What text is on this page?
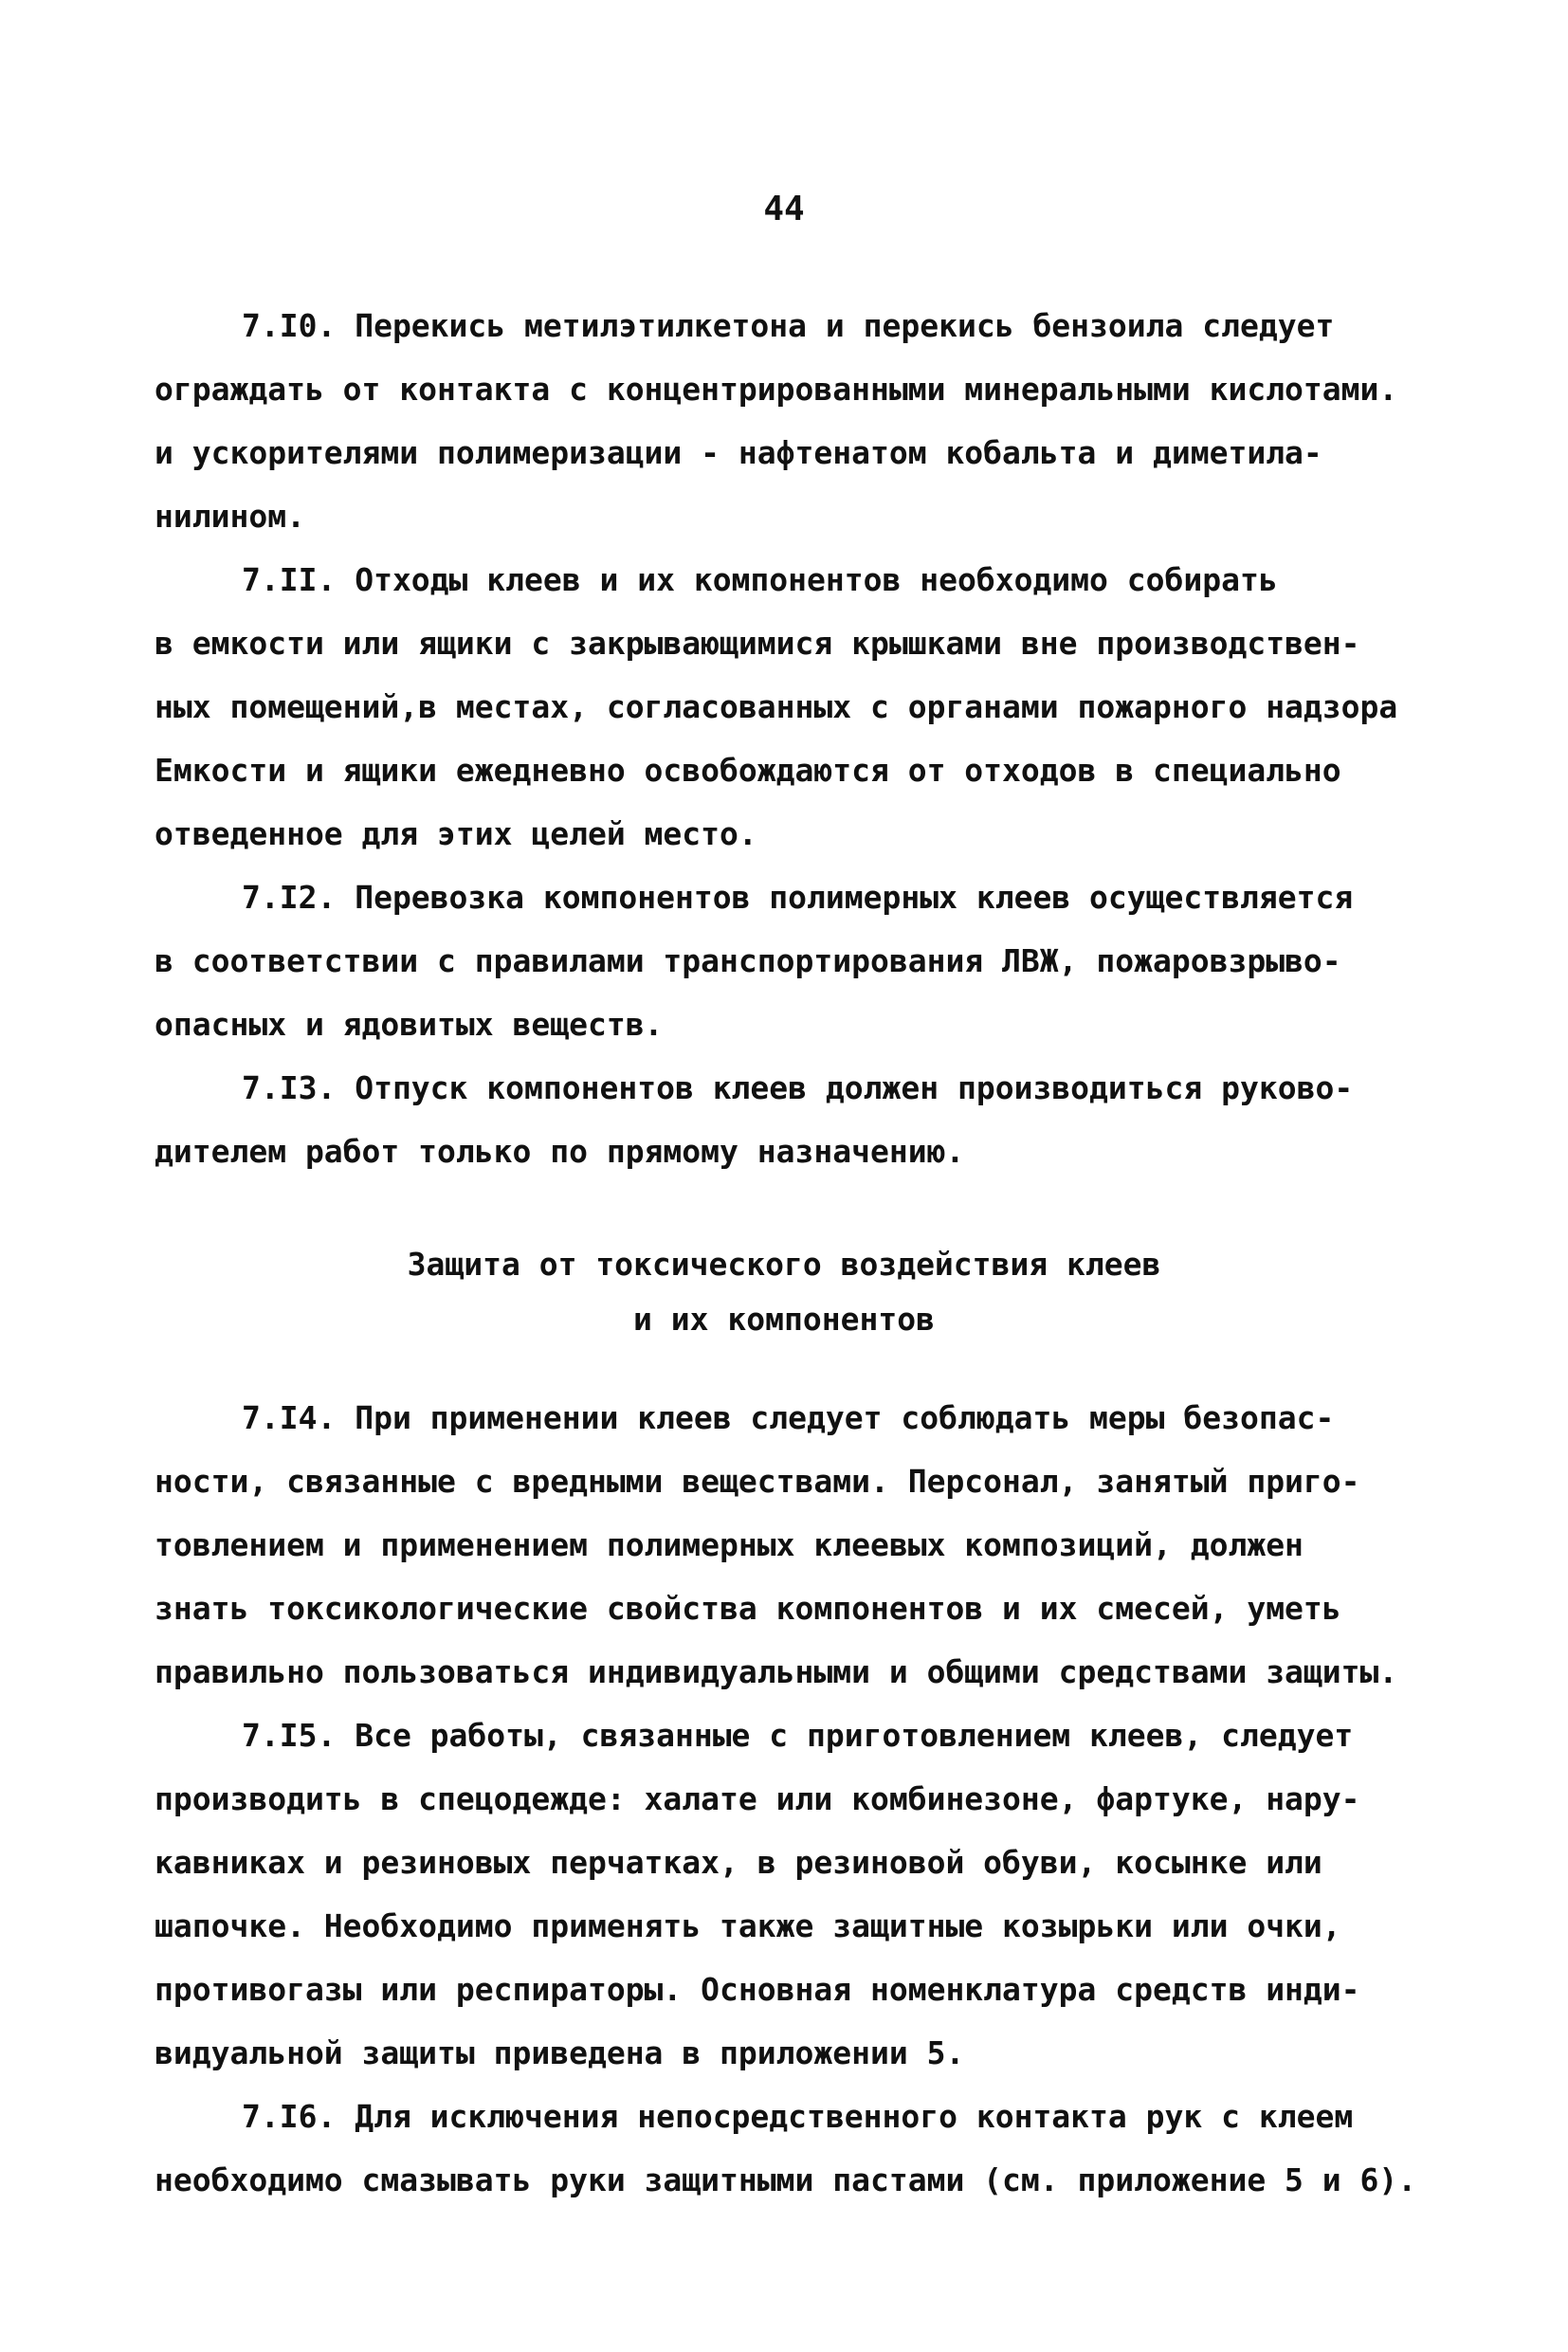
44
7.I0. Перекись метилэтилкетона и перекись бензоила следует
ограждать от контакта с концентрированными минеральными кислотами.
и ускорителями полимеризации - нафтенатом кобальта и диметила-
нилином.
7.II. Отходы клеев и их компонентов необходимо собирать
в емкости или ящики с закрывающимися крышками вне производствен-
ных помещений,в местах, согласованных с органами пожарного надзора
Емкости и ящики ежедневно освобождаются от отходов в специально
отведенное для этих целей место.
7.I2. Перевозка компонентов полимерных клеев осуществляется
в соответствии с правилами транспортирования ЛВЖ, пожаровзрыво-
опасных и ядовитых веществ.
7.I3. Отпуск компонентов клеев должен производиться руково-
дителем работ только по прямому назначению.
Защита от токсического воздействия клеев
и их компонентов
7.I4. При применении клеев следует соблюдать меры безопас-
ности, связанные с вредными веществами. Персонал, занятый приго-
товлением и применением полимерных клеевых композиций, должен
знать токсикологические свойства компонентов и их смесей, уметь
правильно пользоваться индивидуальными и общими средствами защиты.
7.I5. Все работы, связанные с приготовлением клеев, следует
производить в спецодежде: халате или комбинезоне, фартуке, нару-
кавниках и резиновых перчатках, в резиновой обуви, косынке или
шапочке. Необходимо применять также защитные козырьки или очки,
противогазы или респираторы. Основная номенклатура средств инди-
видуальной защиты приведена в приложении 5.
7.I6. Для исключения непосредственного контакта рук с клеем
необходимо смазывать руки защитными пастами (см. приложение 5 и 6).
